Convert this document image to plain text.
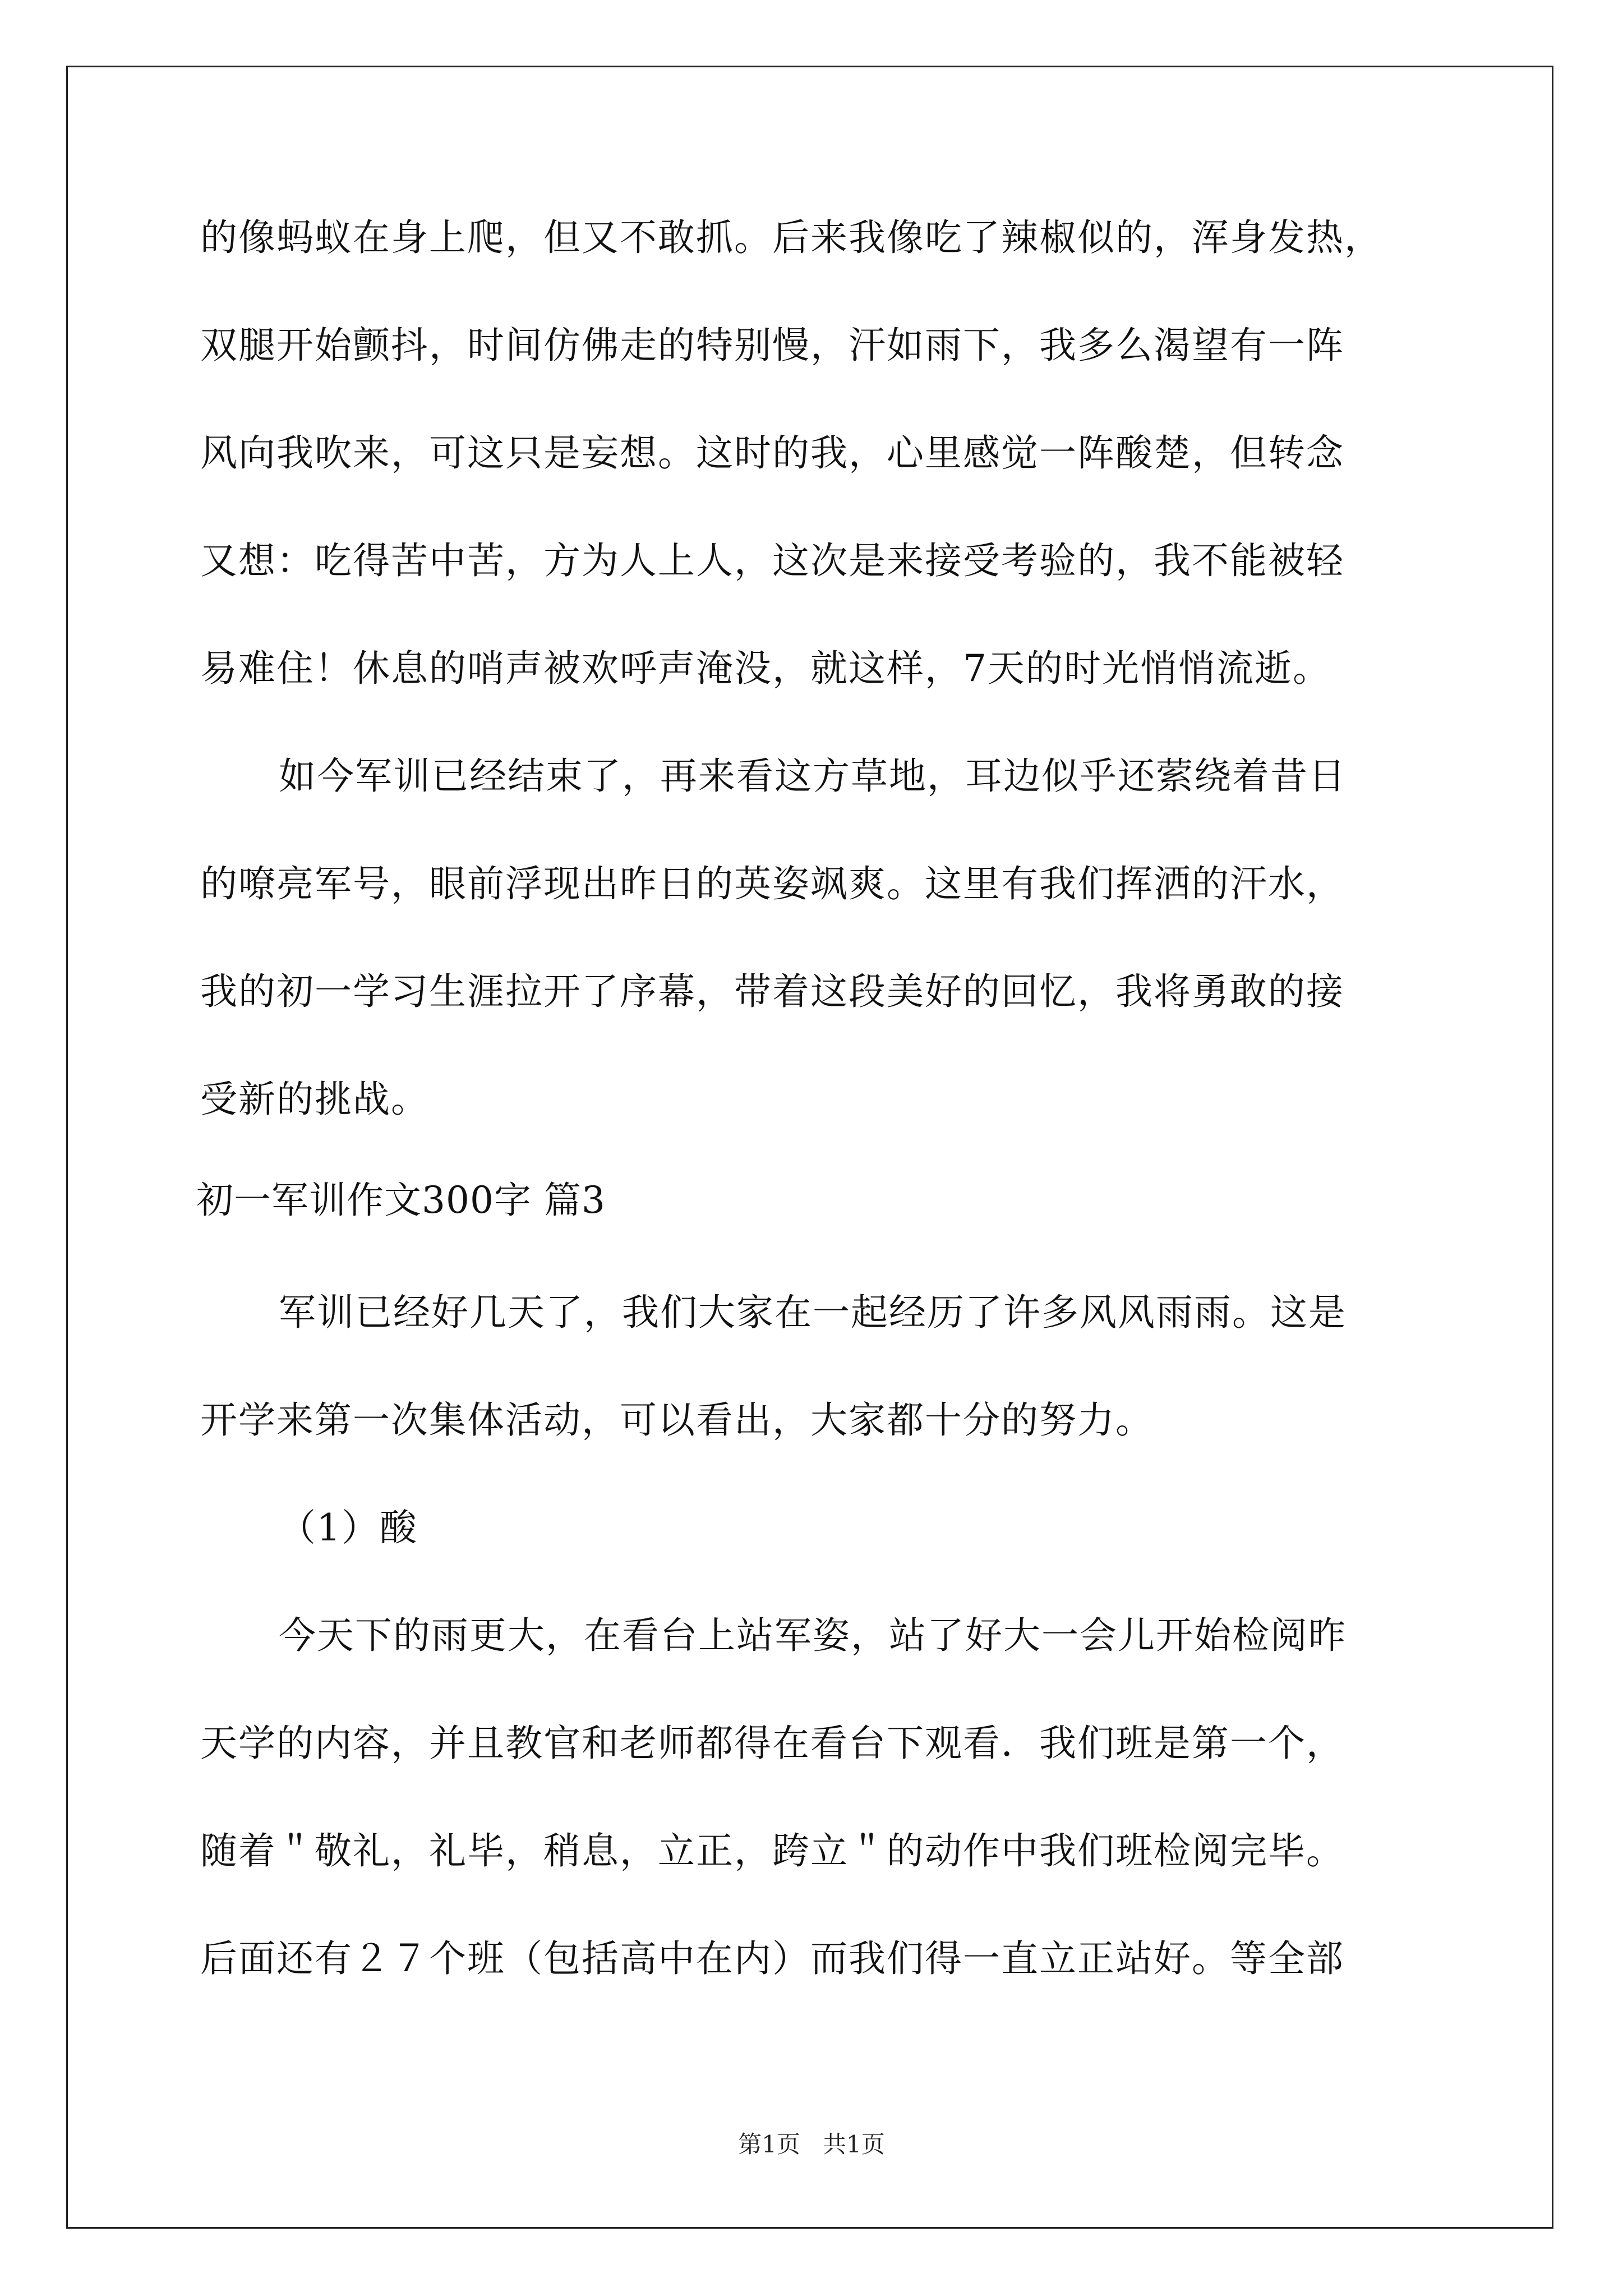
的像蚂蚁在身上爬，但又不敢抓。后来我像吃了辣椒似的，浑身发热，
双腿开始颤抖，时间仿佛走的特别慢，汗如雨下，我多么渴望有一阵
风向我吹来，可这只是妄想。这时的我，心里感觉一阵酸楚，但转念
又想：吃得苦中苦，方为人上人，这次是来接受考验的，我不能被轻
易难住！休息的哨声被欢呼声淹没，就这样，7天的时光悄悄流逝。
如今军训已经结束了，再来看这方草地，耳边似乎还萦绕着昔日
的嘹亮军号，眼前浮现出昨日的英姿飒爽。这里有我们挥洒的汗水，
我的初一学习生涯拉开了序幕，带着这段美好的回忆，我将勇敢的接
受新的挑战。
初一军训作文300字 篇3
军训已经好几天了，我们大家在一起经历了许多风风雨雨。这是
开学来第一次集体活动，可以看出，大家都十分的努力。
（1）酸
今天下的雨更大，在看台上站军姿，站了好大一会儿开始检阅昨
天学的内容，并且教官和老师都得在看台下观看．我们班是第一个，
随着＂敬礼，礼毕，稍息，立正，跨立＂的动作中我们班检阅完毕。
后面还有２７个班（包括高中在内）而我们得一直立正站好。等全部
第1页   共1页
